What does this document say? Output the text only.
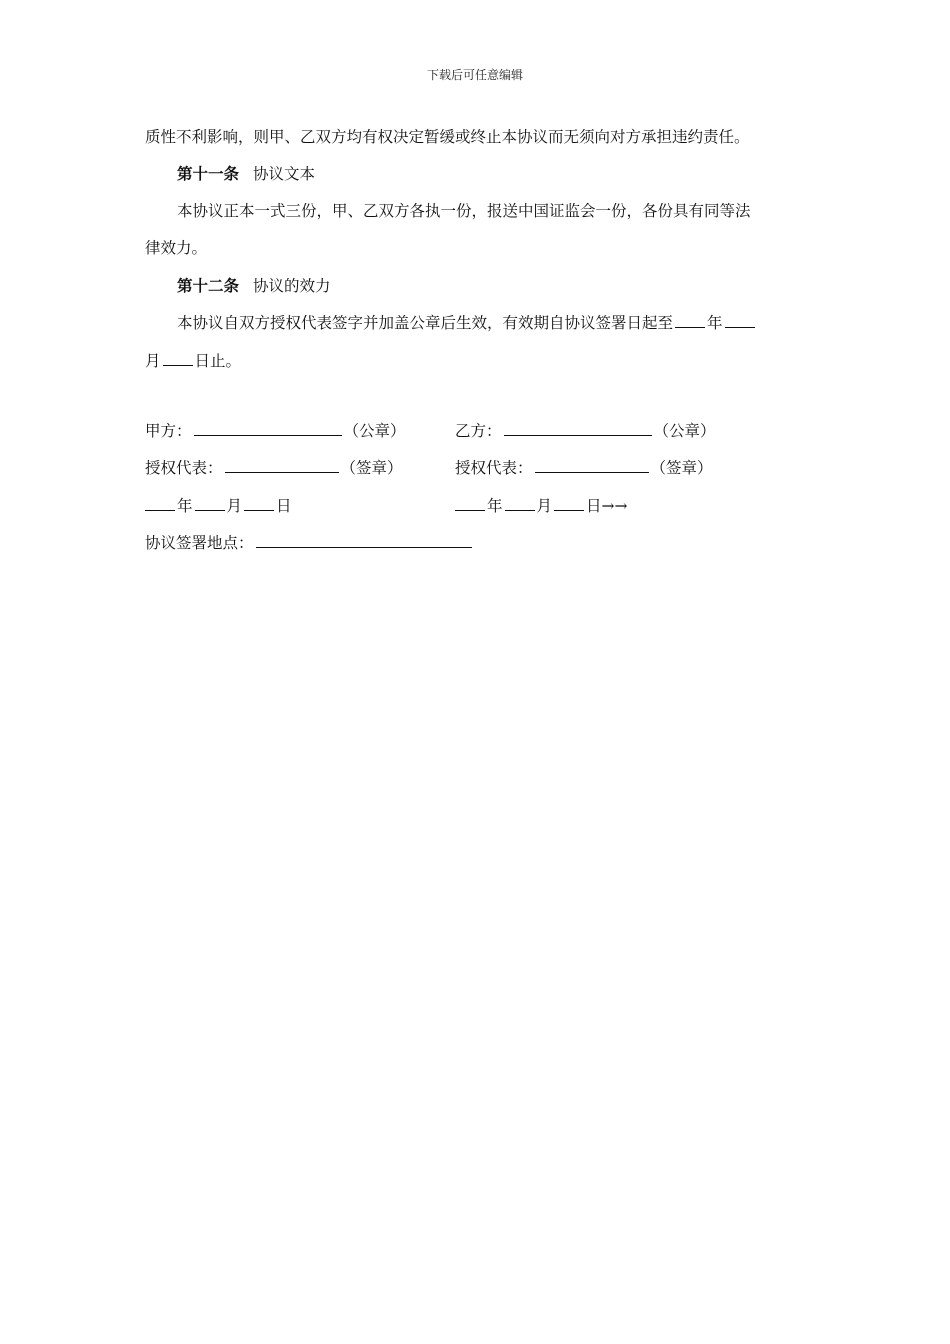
下载后可任意编辑
质性不利影响，则甲、乙双方均有权决定暂缓或终止本协议而无须向对方承担违约责任。
第十一条 协议文本
本协议正本一式三份，甲、乙双方各执一份，报送中国证监会一份，各份具有同等法
律效力。
第十二条 协议的效力
本协议自双方授权代表签字并加盖公章后生效，有效期自协议签署日起至 年
月 日止。
甲方：	（公章）	乙方：	（公章）
授权代表：	（签章）	授权代表：	（签章）
年 月 日	年 月 日→→
协议签署地点：
